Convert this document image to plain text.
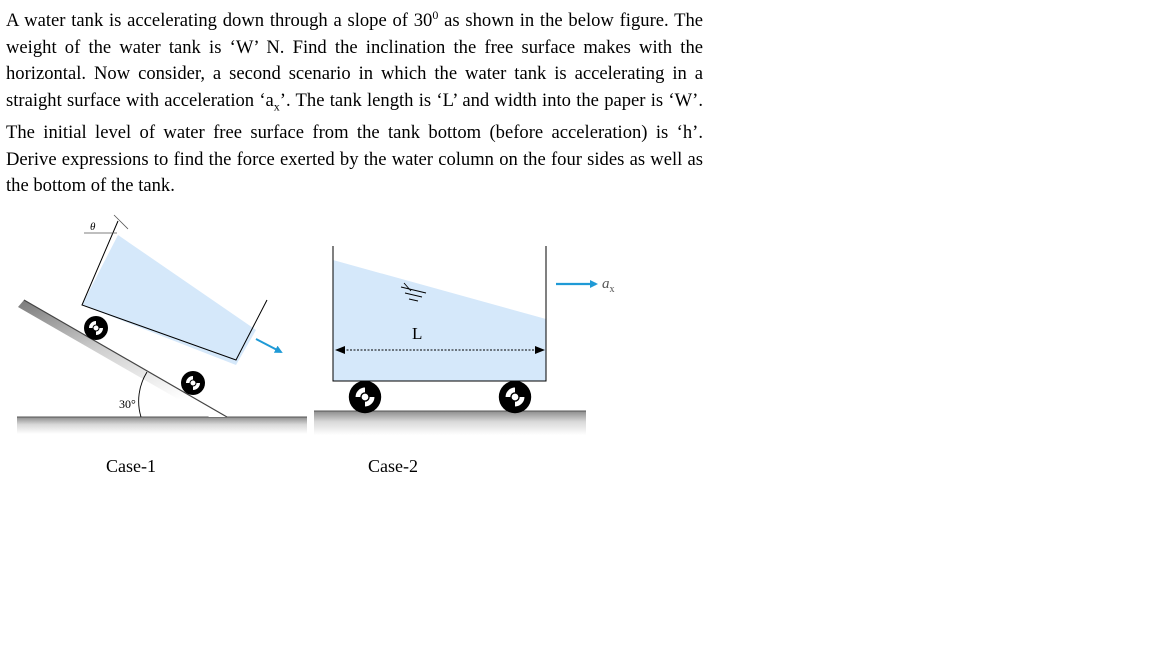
A water tank is accelerating down through a slope of $30^0$ as shown in the below figure. The weight of the water tank is ‘W’ N. Find the inclination the free surface makes with the horizontal. Now consider, a second scenario in which the water tank is accelerating in a straight surface with acceleration ‘$a_x$’. The tank length is ‘L’ and width into the paper is ‘W’. The initial level of water free surface from the tank bottom (before acceleration) is ‘h’. Derive expressions to find the force exerted by the water column on the four sides as well as the bottom of the tank.

30°
θ
L
$a_x$
Case-1	Case-2
